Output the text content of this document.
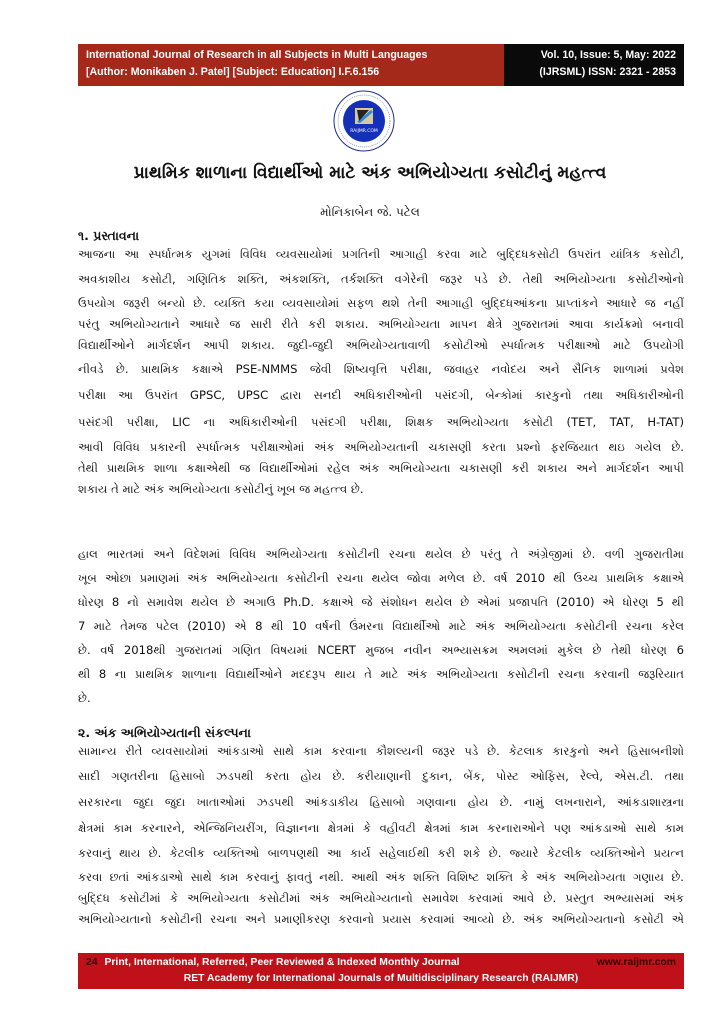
International Journal of Research in all Subjects in Multi Languages
[Author: Monikaben J. Patel] [Subject: Education] I.F.6.156
Vol. 10, Issue: 5, May: 2022
(IJRSML) ISSN: 2321 - 2853
RAIJMR.COM
પ્રાથમિક શાળાના વિદ્યાર્થીઓ માટે અંક અભિયોગ્યતા કસોટીનું મહત્ત્વ
મોનિકાબેન જે. પટેલ
૧. પ્રસ્તાવના
આજના આ સ્પર્ધાત્મક યુગમાં વિવિધ વ્યવસાયોમાં પ્રગતિની આગાહી કરવા માટે બુદ્દિધકસોટી ઉપરાંત યાંત્રિક કસોટી,
અવકાશીય કસોટી, ગણિતિક શક્તિ, અંકશક્તિ, તર્કશક્તિ વગેરેની જરૂર પડે છે. તેથી અભિયોગ્યતા કસોટીઓનો
ઉપયોગ જરૂરી બન્યો છે. વ્યક્તિ કયા વ્યવસાયોમાં સફળ થશે તેની આગાહી બુદ્દિધઆંકના પ્રાપ્તાંકને આધારે જ નહીં
પરંતુ અભિયોગ્યતાને આધારે જ સારી રીતે કરી શકાય. અભિયોગ્યતા માપન ક્ષેત્રે ગુજરાતમાં આવા કાર્યક્રમો બનાવી
વિદ્યાર્થીઓને માર્ગદર્શન આપી શકાય. જુદી-જુદી અભિયોગ્યતાવાળી કસોટીઓ સ્પર્ધાત્મક પરીક્ષાઓ માટે ઉપયોગી
નીવડે છે. પ્રાથમિક કક્ષાએ PSE-NMMS જેવી શિષ્યવૃત્તિ પરીક્ષા, જવાહર નવોદય અને સૈનિક શાળામાં પ્રવેશ
પરીક્ષા આ ઉપરાંત GPSC, UPSC દ્વારા સનદી અધિકારીઓની પસંદગી, બેન્કોમાં કારકુનો તથા અધિકારીઓની
પસંદગી પરીક્ષા, LIC ના અધિકારીઓની પસંદગી પરીક્ષા, શિક્ષક અભિયોગ્યતા કસોટી (TET, TAT, H-TAT)
આવી વિવિધ પ્રકારની સ્પર્ધાત્મક પરીક્ષાઓમાં અંક અભિયોગ્યતાની ચકાસણી કરતા પ્રશ્નો ફરજિયાત થઇ ગયેલ છે.
તેથી પ્રાથમિક શાળા કક્ષાએથી જ વિદ્યાર્થીઓમાં રહેલ અંક અભિયોગ્યતા ચકાસણી કરી શકાય અને માર્ગદર્શન આપી
શકાય તે માટે અંક અભિયોગ્યતા કસોટીનું ખૂબ જ મહત્ત્વ છે.
હાલ ભારતમાં અને વિદેશમાં વિવિધ અભિયોગ્યતા કસોટીની રચના થયેલ છે પરંતુ તે અંગ્રેજીમાં છે. વળી ગુજરાતીમા
ખૂબ ઓછા પ્રમાણમાં અંક અભિયોગ્યતા કસોટીની રચના થયેલ જોવા મળેલ છે. વર્ષ 2010 થી ઉચ્ચ પ્રાથમિક કક્ષાએ
ધોરણ 8 નો સમાવેશ થયેલ છે અગાઉ Ph.D. કક્ષાએ જે સંશોધન થયેલ છે એમાં પ્રજાપતિ (2010) એ ધોરણ 5 થી
7 માટે તેમજ પટેલ (2010) એ 8 થી 10 વર્ષની ઉંમરના વિદ્યાર્થીઓ માટે અંક અભિયોગ્યતા કસોટીની રચના કરેલ
છે. વર્ષ 2018થી ગુજરાતમાં ગણિત વિષયમાં NCERT મુજબ નવીન અભ્યાસક્રમ અમલમાં મુકેલ છે તેથી ધોરણ 6
થી 8 ના પ્રાથમિક શાળાના વિદ્યાર્થીઓને મદદરૂપ થાય તે માટે અંક અભિયોગ્યતા કસોટીની રચના કરવાની જરૂરિયાત
છે.
૨. અંક અભિયોગ્યતાની સંકલ્પના
સામાન્ય રીતે વ્યવસાયોમાં આંકડાઓ સાથે કામ કરવાના કૌશલ્યની જરૂર પડે છે. કેટલાક કારકુનો અને હિસાબનીશો
સાદી ગણતરીના હિસાબો ઝડપથી કરતા હોય છે. કરીયાણાની દુકાન, બેંક, પોસ્ટ ઓફિસ, રેલ્વે, એસ.ટી. તથા
સરકારના જુદા જુદા ખાતાઓમાં ઝડપથી આંકડાકીય હિસાબો ગણવાના હોય છે. નામું લખનારાને, આંકડાશાસ્ત્રના
ક્ષેત્રમાં કામ કરનારને, એન્જિનિયરીંગ, વિજ્ઞાનના ક્ષેત્રમાં કે વહીવટી ક્ષેત્રમાં કામ કરનારાઓને પણ આંકડાઓ સાથે કામ
કરવાનું થાય છે. કેટલીક વ્યક્તિઓ બાળપણથી આ કાર્ય સહેલાઈથી કરી શકે છે. જ્યારે કેટલીક વ્યક્તિઓને પ્રયત્ન
કરવા છતાં આંકડાઓ સાથે કામ કરવાનું ફાવતું નથી. આથી અંક શક્તિ વિશિષ્ટ શક્તિ કે અંક અભિયોગ્યતા ગણાય છે.
બુદ્દિધ કસોટીમાં કે અભિયોગ્યતા કસોટીમાં અંક અભિયોગ્યતાનો સમાવેશ કરવામાં આવે છે. પ્રસ્તુત અભ્યાસમાં અંક
અભિયોગ્યતાનો કસોટીની રચના અને પ્રમાણીકરણ કરવાનો પ્રયાસ કરવામાં આવ્યો છે. અંક અભિયોગ્યતાનો કસોટી એ
24 Print, International, Referred, Peer Reviewed & Indexed Monthly Journal	www.raijmr.com
RET Academy for International Journals of Multidisciplinary Research (RAIJMR)
